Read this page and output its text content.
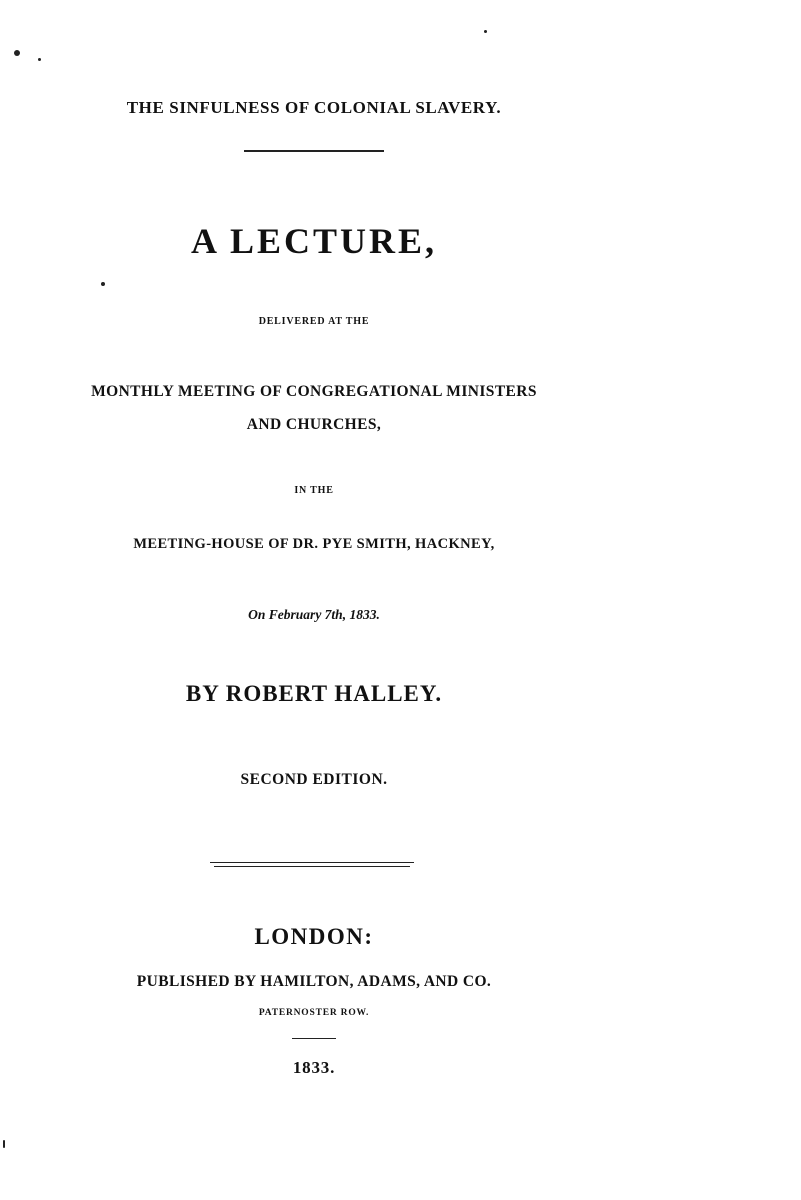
THE SINFULNESS OF COLONIAL SLAVERY.
A LECTURE,
DELIVERED AT THE
MONTHLY MEETING OF CONGREGATIONAL MINISTERS
AND CHURCHES,
IN THE
MEETING-HOUSE OF DR. PYE SMITH, HACKNEY,
On February 7th, 1833.
BY ROBERT HALLEY.
SECOND EDITION.
LONDON:
PUBLISHED BY HAMILTON, ADAMS, AND CO.
PATERNOSTER ROW.
1833.
